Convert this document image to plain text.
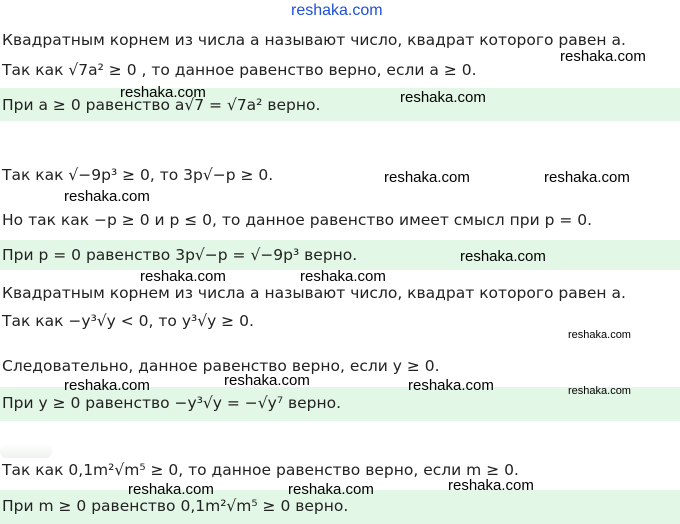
Квадратным корнем из числа a называют число, квадрат которого равен a.
Так как √7a² ≥ 0 , то данное равенство верно, если a ≥ 0.
При a ≥ 0 равенство a√7 = √7a² верно.
Так как √−9p³ ≥ 0, то 3p√−p ≥ 0.
Но так как −p ≥ 0 и p ≤ 0, то данное равенство имеет смысл при p = 0.
При p = 0 равенство 3p√−p = √−9p³ верно.
Квадратным корнем из числа a называют число, квадрат которого равен a.
Так как −y³√y < 0, то y³√y ≥ 0.
Следовательно, данное равенство верно, если y ≥ 0.
При y ≥ 0 равенство −y³√y = −√y⁷ верно.
Так как 0,1m²√m⁵ ≥ 0, то данное равенство верно, если m ≥ 0.
При m ≥ 0 равенство 0,1m²√m⁵ ≥ 0 верно.
reshaka.com
reshaka.com
reshaka.com	reshaka.com
reshaka.com	reshaka.com
reshaka.com
reshaka.com
reshaka.com	reshaka.com
reshaka.com
reshaka.com	reshaka.com	reshaka.com	reshaka.com
reshaka.com
reshaka.com	reshaka.com
